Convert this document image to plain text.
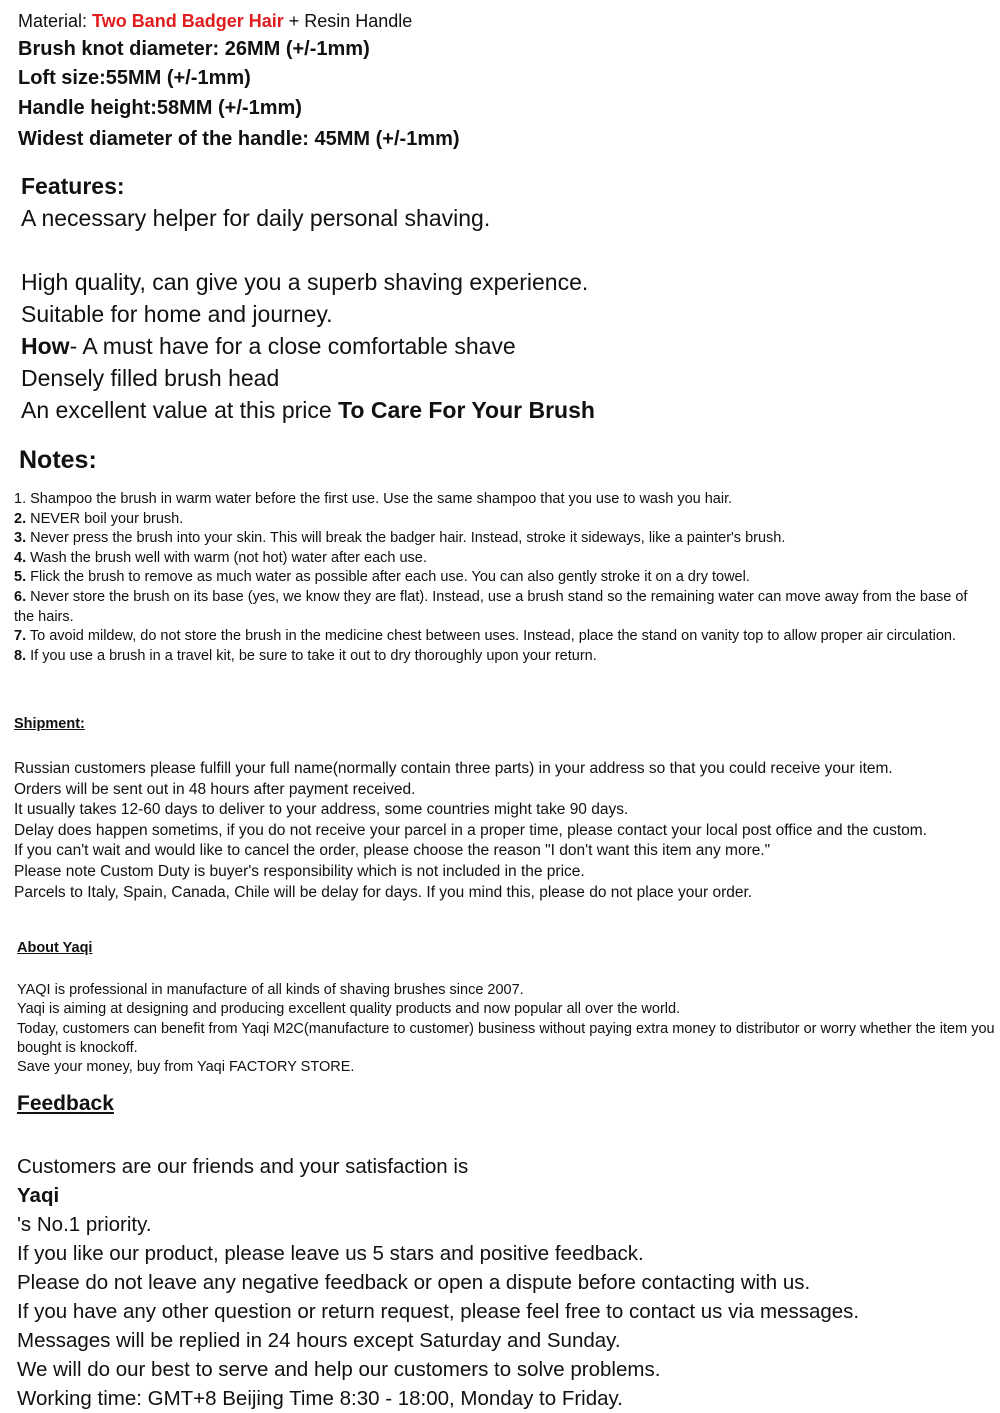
Material: Two Band Badger Hair + Resin Handle

Brush knot diameter: 26MM (+/-1mm)

Loft size:55MM (+/-1mm)

Handle height:58MM (+/-1mm)

Widest diameter of the handle: 45MM (+/-1mm)

Features:

A necessary helper for daily personal shaving.

High quality, can give you a superb shaving experience.

Suitable for home and journey.

How- A must have for a close comfortable shave

Densely filled brush head

An excellent value at this price To Care For Your Brush

Notes:

1. Shampoo the brush in warm water before the first use. Use the same shampoo that you use to wash you hair.
2. NEVER boil your brush.
3. Never press the brush into your skin. This will break the badger hair. Instead, stroke it sideways, like a painter's brush.
4. Wash the brush well with warm (not hot) water after each use.
5. Flick the brush to remove as much water as possible after each use. You can also gently stroke it on a dry towel.
6. Never store the brush on its base (yes, we know they are flat). Instead, use a brush stand so the remaining water can move away from the base of the hairs.
7. To avoid mildew, do not store the brush in the medicine chest between uses. Instead, place the stand on vanity top to allow proper air circulation.
8. If you use a brush in a travel kit, be sure to take it out to dry thoroughly upon your return.

Shipment:

Russian customers please fulfill your full name(normally contain three parts) in your address so that you could receive your item.
Orders will be sent out in 48 hours after payment received.
It usually takes 12-60 days to deliver to your address, some countries might take 90 days.
Delay does happen sometims, if you do not receive your parcel in a proper time, please contact your local post office and the custom.
If you can't wait and would like to cancel the order, please choose the reason "I don't want this item any more."
Please note Custom Duty is buyer's responsibility which is not included in the price.
Parcels to Italy, Spain, Canada, Chile will be delay for days. If you mind this, please do not place your order.

About Yaqi

YAQI is professional in manufacture of all kinds of shaving brushes since 2007.
Yaqi is aiming at designing and producing excellent quality products and now popular all over the world.
Today, customers can benefit from Yaqi M2C(manufacture to customer) business without paying extra money to distributor or worry whether the item you bought is knockoff.
Save your money, buy from Yaqi FACTORY STORE.

Feedback

Customers are our friends and your satisfaction is
Yaqi
's No.1 priority.
If you like our product, please leave us 5 stars and positive feedback.
Please do not leave any negative feedback or open a dispute before contacting with us.
If you have any other question or return request, please feel free to contact us via messages.
Messages will be replied in 24 hours except Saturday and Sunday.
We will do our best to serve and help our customers to solve problems.
Working time: GMT+8 Beijing Time 8:30 - 18:00, Monday to Friday.
